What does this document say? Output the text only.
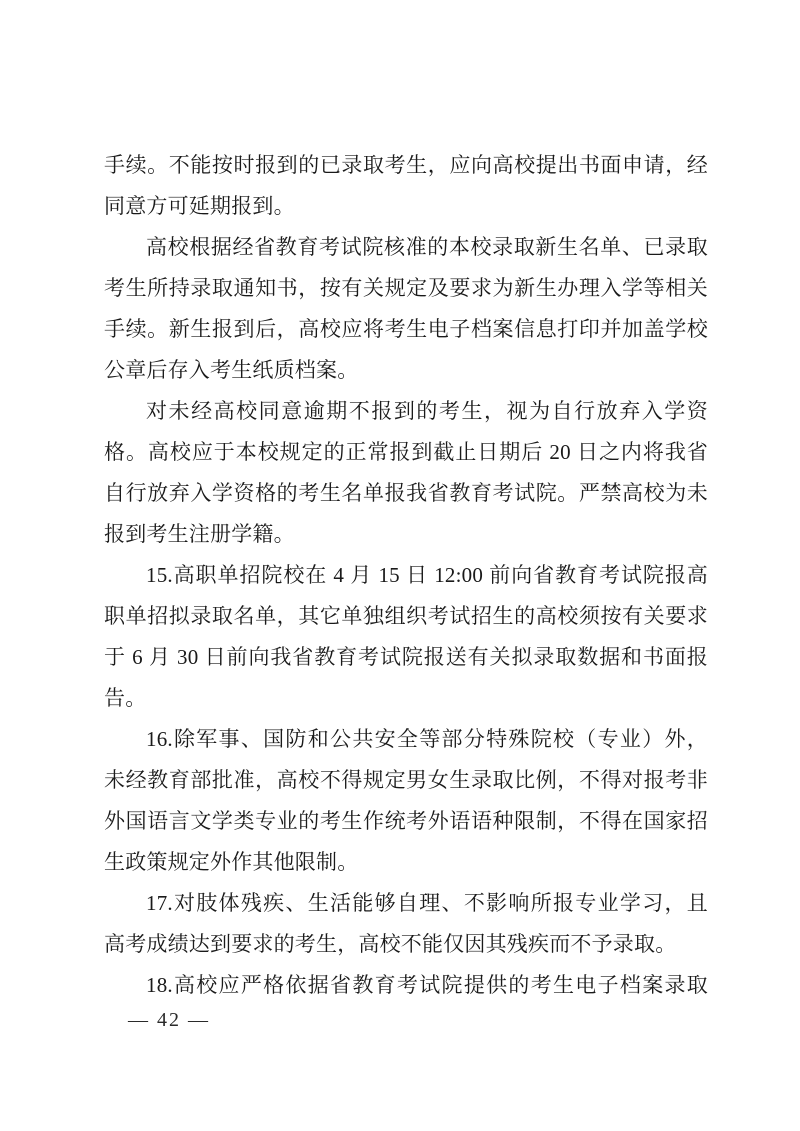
手续。不能按时报到的已录取考生，应向高校提出书面申请，经
同意方可延期报到。
高校根据经省教育考试院核准的本校录取新生名单、已录取
考生所持录取通知书，按有关规定及要求为新生办理入学等相关
手续。新生报到后，高校应将考生电子档案信息打印并加盖学校
公章后存入考生纸质档案。
对未经高校同意逾期不报到的考生，视为自行放弃入学资
格。高校应于本校规定的正常报到截止日期后 20 日之内将我省
自行放弃入学资格的考生名单报我省教育考试院。严禁高校为未
报到考生注册学籍。
15.高职单招院校在 4 月 15 日 12:00 前向省教育考试院报高
职单招拟录取名单，其它单独组织考试招生的高校须按有关要求
于 6 月 30 日前向我省教育考试院报送有关拟录取数据和书面报
告。
16.除军事、国防和公共安全等部分特殊院校（专业）外，
未经教育部批准，高校不得规定男女生录取比例，不得对报考非
外国语言文学类专业的考生作统考外语语种限制，不得在国家招
生政策规定外作其他限制。
17.对肢体残疾、生活能够自理、不影响所报专业学习，且
高考成绩达到要求的考生，高校不能仅因其残疾而不予录取。
18.高校应严格依据省教育考试院提供的考生电子档案录取
— 42 —
